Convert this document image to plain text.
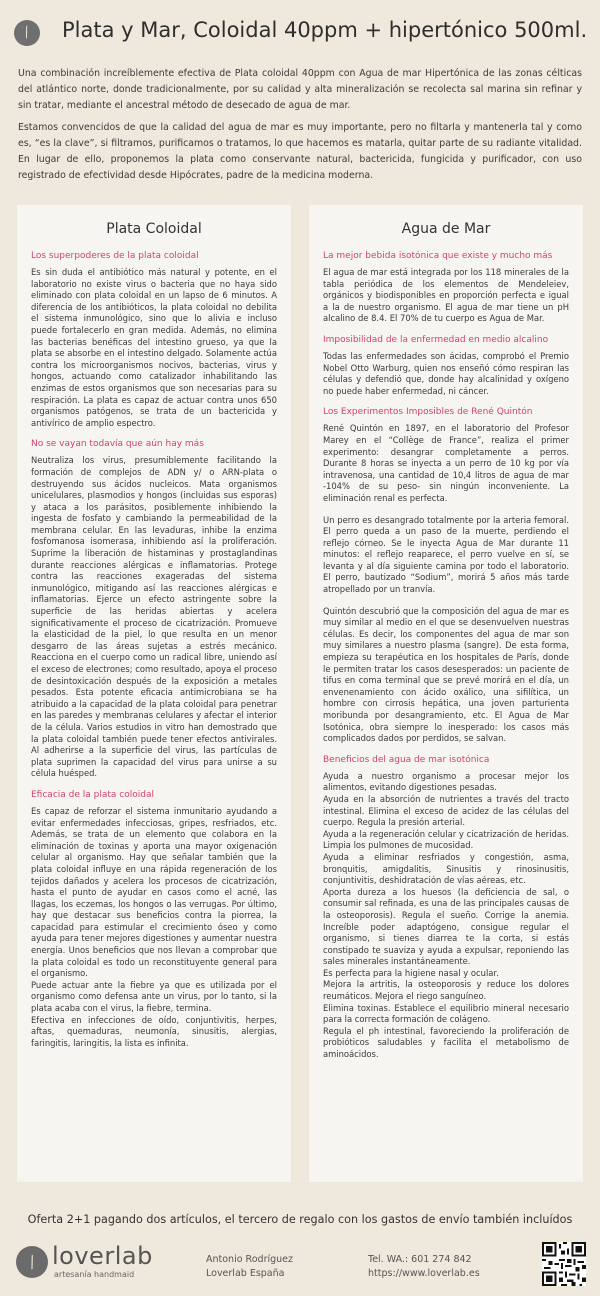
⁄ Plata y Mar, Coloidal 40ppm + hipertónico 500ml.

Una combinación increíblemente efectiva de Plata coloidal 40ppm con Agua de mar Hipertónica de las zonas célticas del atlántico norte, donde tradicionalmente, por su calidad y alta mineralización se recolecta sal marina sin refinar y sin tratar, mediante el ancestral método de desecado de agua de mar.

Estamos convencidos de que la calidad del agua de mar es muy importante, pero no filtarla y mantenerla tal y como es, “es la clave”, si filtramos, purificamos o tratamos, lo que hacemos es matarla, quitar parte de su radiante vitalidad. En lugar de ello, proponemos la plata como conservante natural, bactericida, fungicida y purificador, con uso registrado de efectividad desde Hipócrates, padre de la medicina moderna.

Plata Coloidal
Los superpoderes de la plata coloidal

Es sin duda el antibiótico más natural y potente, en el laboratorio no existe virus o bacteria que no haya sido eliminado con plata coloidal en un lapso de 6 minutos. A diferencia de los antibióticos, la plata coloidal no debilita el sistema inmunológico, sino que lo alivia e incluso puede fortalecerlo en gran medida. Además, no elimina las bacterias benéficas del intestino grueso, ya que la plata se absorbe en el intestino delgado. Solamente actúa contra los microorganismos nocivos, bacterias, virus y hongos, actuando como catalizador inhabilitando las enzimas de estos organismos que son necesarias para su respiración. La plata es capaz de actuar contra unos 650 organismos patógenos, se trata de un bactericida y antivírico de amplio espectro.

No se vayan todavía que aún hay más

Neutraliza los virus, presumiblemente facilitando la formación de complejos de ADN y/ o ARN-plata o destruyendo sus ácidos nucleicos. Mata organismos unicelulares, plasmodios y hongos (incluidas sus esporas) y ataca a los parásitos, posiblemente inhibiendo la ingesta de fosfato y cambiando la permeabilidad de la membrana celular. En las levaduras, inhibe la enzima fosfomanosa isomerasa, inhibiendo así la proliferación. Suprime la liberación de histaminas y prostaglandinas durante reacciones alérgicas e inflamatorias. Protege contra las reacciones exageradas del sistema inmunológico, mitigando así las reacciones alérgicas e inflamatorias. Ejerce un efecto astringente sobre la superficie de las heridas abiertas y acelera significativamente el proceso de cicatrización. Promueve la elasticidad de la piel, lo que resulta en un menor desgarro de las áreas sujetas a estrés mecánico. Reacciona en el cuerpo como un radical libre, uniendo así el exceso de electrones; como resultado, apoya el proceso de desintoxicación después de la exposición a metales pesados. Esta potente eficacia antimicrobiana se ha atribuido a la capacidad de la plata coloidal para penetrar en las paredes y membranas celulares y afectar el interior de la célula. Varios estudios in vitro han demostrado que la plata coloidal también puede tener efectos antivirales. Al adherirse a la superficie del virus, las partículas de plata suprimen la capacidad del virus para unirse a su célula huésped.

Eficacia de la plata coloidal

Es capaz de reforzar el sistema inmunitario ayudando a evitar enfermedades infecciosas, gripes, resfriados, etc. Además, se trata de un elemento que colabora en la eliminación de toxinas y aporta una mayor oxigenación celular al organismo. Hay que señalar también que la plata coloidal influye en una rápida regeneración de los tejidos dañados y acelera los procesos de cicatrización, hasta el punto de ayudar en casos como el acné, las llagas, los eczemas, los hongos o las verrugas. Por último, hay que destacar sus beneficios contra la piorrea, la capacidad para estimular el crecimiento óseo y como ayuda para tener mejores digestiones y aumentar nuestra energía. Unos beneficios que nos llevan a comprobar que la plata coloidal es todo un reconstituyente general para el organismo.

Puede actuar ante la fiebre ya que es utilizada por el organismo como defensa ante un virus, por lo tanto, si la plata acaba con el virus, la fiebre, termina.

Efectiva en infecciones de oído, conjuntivitis, herpes, aftas, quemaduras, neumonía, sinusitis, alergias, faringitis, laringitis, la lista es infinita.

Agua de Mar
La mejor bebida isotónica que existe y mucho más

El agua de mar está integrada por los 118 minerales de la tabla periódica de los elementos de Mendeleiev, orgánicos y biodisponibles en proporción perfecta e igual a la de nuestro organismo. El agua de mar tiene un pH alcalino de 8.4. El 70% de tu cuerpo es Agua de Mar.

Imposibilidad de la enfermedad en medio alcalino

Todas las enfermedades son ácidas, comprobó el Premio Nobel Otto Warburg, quien nos enseñó cómo respiran las células y defendió que, donde hay alcalinidad y oxígeno no puede haber enfermedad, ni cáncer.

Los Experimentos Imposibles de René Quintón

René Quintón en 1897, en el laboratorio del Profesor Marey en el “Collège de France”, realiza el primer experimento: desangrar completamente a perros. Durante 8 horas se inyecta a un perro de 10 kg por vía intravenosa, una cantidad de 10,4 litros de agua de mar -104% de su peso- sin ningún inconveniente. La eliminación renal es perfecta.

Un perro es desangrado totalmente por la arteria femoral. El perro queda a un paso de la muerte, perdiendo el reflejo córneo. Se le inyecta Agua de Mar durante 11 minutos: el reflejo reaparece, el perro vuelve en sí, se levanta y al día siguiente camina por todo el laboratorio. El perro, bautizado “Sodium”, morirá 5 años más tarde atropellado por un tranvía.

Quintón descubrió que la composición del agua de mar es muy similar al medio en el que se desenvuelven nuestras células. Es decir, los componentes del agua de mar son muy similares a nuestro plasma (sangre). De esta forma, empieza su terapéutica en los hospitales de París, donde le permiten tratar los casos desesperados: un paciente de tifus en coma terminal que se prevé morirá en el día, un envenenamiento con ácido oxálico, una sifilítica, un hombre con cirrosis hepática, una joven parturienta moribunda por desangramiento, etc. El Agua de Mar Isotónica, obra siempre lo inesperado: los casos más complicados dados por perdidos, se salvan.

Beneficios del agua de mar isotónica

Ayuda a nuestro organismo a procesar mejor los alimentos, evitando digestiones pesadas.

Ayuda en la absorción de nutrientes a través del tracto intestinal. Elimina el exceso de acidez de las células del cuerpo. Regula la presión arterial.

Ayuda a la regeneración celular y cicatrización de heridas. Limpia los pulmones de mucosidad.

Ayuda a eliminar resfriados y congestión, asma, bronquitis, amigdalitis, Sinusitis y rinosinusitis, conjuntivitis, deshidratación de vías aéreas, etc.

Aporta dureza a los huesos (la deficiencia de sal, o consumir sal refinada, es una de las principales causas de la osteoporosis). Regula el sueño. Corrige la anemia. Increíble poder adaptógeno, consigue regular el organismo, si tienes diarrea te la corta, si estás constipado te suaviza y ayuda a expulsar, reponiendo las sales minerales instantáneamente.

Es perfecta para la higiene nasal y ocular.

Mejora la artritis, la osteoporosis y reduce los dolores reumáticos. Mejora el riego sanguíneo.

Elimina toxinas. Establece el equilibrio mineral necesario para la correcta formación de colágeno.

Regula el ph intestinal, favoreciendo la proliferación de probióticos saludables y facilita el metabolismo de aminoácidos.

Oferta 2+1 pagando dos artículos, el tercero de regalo con los gastos de envío también incluídos
⁄ loverlab
artesanía handmaid
Antonio Rodríguez
Loverlab España
Tel. WA.: 601 274 842
https://www.loverlab.es
